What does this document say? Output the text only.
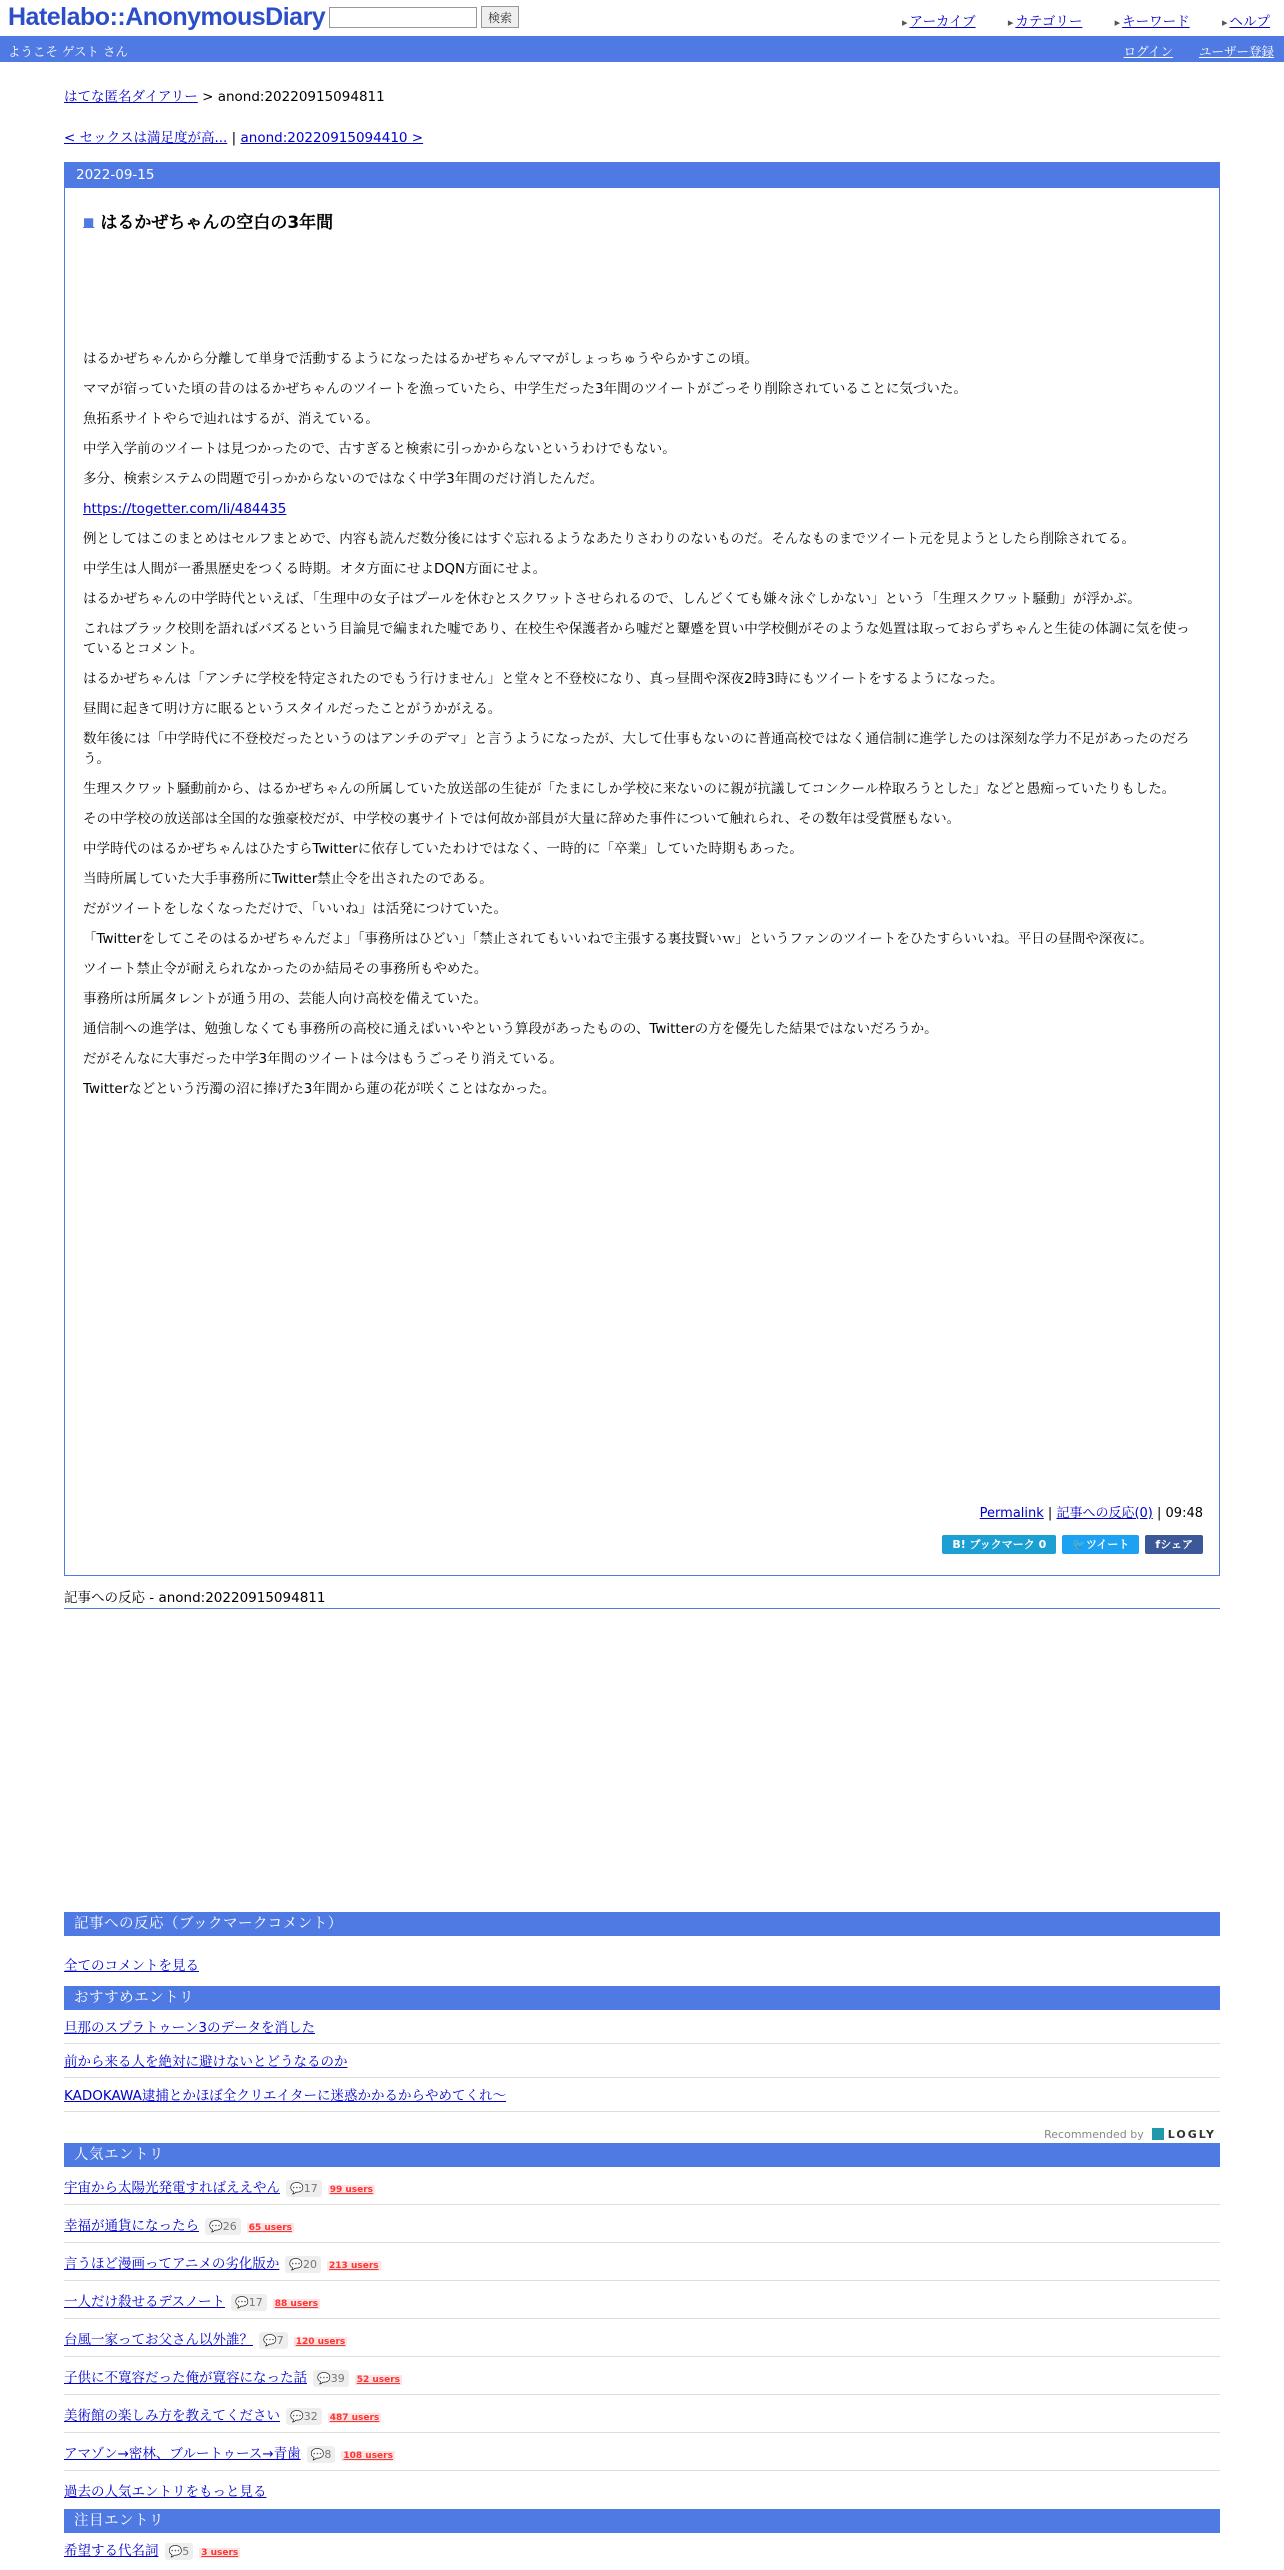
Hatelabo::AnonymousDiary	検索	▸ アーカイブ	▸ カテゴリー	▸ キーワード	▸ ヘルプ
ようこそ ゲスト さん	ログイン ユーザー登録
はてな匿名ダイアリー > anond:20220915094811
< セックスは満足度が高... | anond:20220915094410 >
2022-09-15
■ はるかぜちゃんの空白の3年間

はるかぜちゃんから分離して単身で活動するようになったはるかぜちゃんママがしょっちゅうやらかすこの頃。

ママが宿っていた頃の昔のはるかぜちゃんのツイートを漁っていたら、中学生だった3年間のツイートがごっそり削除されていることに気づいた。

魚拓系サイトやらで辿れはするが、消えている。

中学入学前のツイートは見つかったので、古すぎると検索に引っかからないというわけでもない。

多分、検索システムの問題で引っかからないのではなく中学3年間のだけ消したんだ。

https://togetter.com/li/484435

例としてはこのまとめはセルフまとめで、内容も読んだ数分後にはすぐ忘れるようなあたりさわりのないものだ。そんなものまでツイート元を見ようとしたら削除されてる。

中学生は人間が一番黒歴史をつくる時期。オタ方面にせよDQN方面にせよ。

はるかぜちゃんの中学時代といえば、「生理中の女子はプールを休むとスクワットさせられるので、しんどくても嫌々泳ぐしかない」という「生理スクワット騒動」が浮かぶ。

これはブラック校則を語ればバズるという目論見で編まれた嘘であり、在校生や保護者から嘘だと顰蹙を買い中学校側がそのような処置は取っておらずちゃんと生徒の体調に気を使っているとコメント。

はるかぜちゃんは「アンチに学校を特定されたのでもう行けません」と堂々と不登校になり、真っ昼間や深夜2時3時にもツイートをするようになった。

昼間に起きて明け方に眠るというスタイルだったことがうかがえる。

数年後には「中学時代に不登校だったというのはアンチのデマ」と言うようになったが、大して仕事もないのに普通高校ではなく通信制に進学したのは深刻な学力不足があったのだろう。

生理スクワット騒動前から、はるかぜちゃんの所属していた放送部の生徒が「たまにしか学校に来ないのに親が抗議してコンクール枠取ろうとした」などと愚痴っていたりもした。

その中学校の放送部は全国的な強豪校だが、中学校の裏サイトでは何故か部員が大量に辞めた事件について触れられ、その数年は受賞歴もない。

中学時代のはるかぜちゃんはひたすらTwitterに依存していたわけではなく、一時的に「卒業」していた時期もあった。

当時所属していた大手事務所にTwitter禁止令を出されたのである。

だがツイートをしなくなっただけで、「いいね」は活発につけていた。

「Twitterをしてこそのはるかぜちゃんだよ」「事務所はひどい」「禁止されてもいいねで主張する裏技賢いｗ」というファンのツイートをひたすらいいね。平日の昼間や深夜に。

ツイート禁止令が耐えられなかったのか結局その事務所もやめた。

事務所は所属タレントが通う用の、芸能人向け高校を備えていた。

通信制への進学は、勉強しなくても事務所の高校に通えばいいやという算段があったものの、Twitterの方を優先した結果ではないだろうか。

だがそんなに大事だった中学3年間のツイートは今はもうごっそり消えている。

Twitterなどという汚濁の沼に捧げた3年間から蓮の花が咲くことはなかった。

Permalink | 記事への反応(0) | 09:48
B! ブックマーク 0 🐦ツイート fシェア
記事への反応 - anond:20220915094811
記事への反応（ブックマークコメント）
全てのコメントを見る
おすすめエントリ
旦那のスプラトゥーン3のデータを消した
前から来る人を絶対に避けないとどうなるのか
KADOKAWA逮捕とかほぼ全クリエイターに迷惑かかるからやめてくれ〜
Recommended by LOGLY
人気エントリ
宇宙から太陽光発電すればええやん 💬17 99 users
幸福が通貨になったら 💬26 65 users
言うほど漫画ってアニメの劣化版か 💬20 213 users
一人だけ殺せるデスノート 💬17 88 users
台風一家ってお父さん以外誰？ 💬7 120 users
子供に不寛容だった俺が寛容になった話 💬39 52 users
美術館の楽しみ方を教えてください 💬32 487 users
アマゾン→密林、ブルートゥース→青歯 💬8 108 users
過去の人気エントリをもっと見る
注目エントリ
希望する代名詞 💬5 3 users
